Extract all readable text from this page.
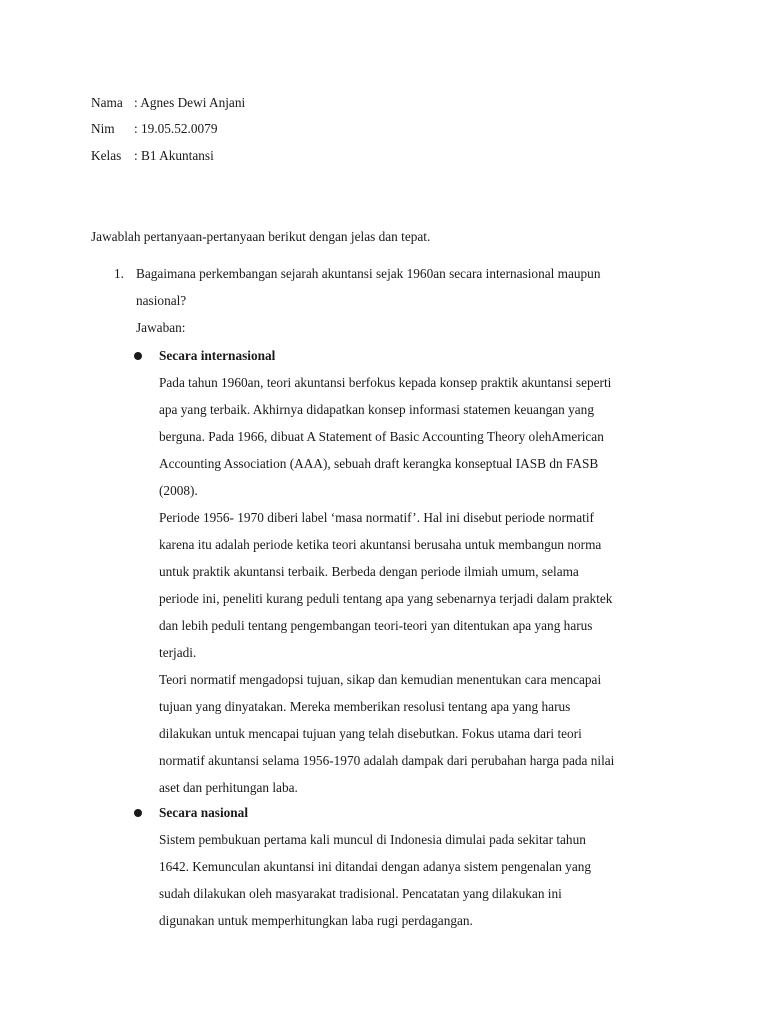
Nama : Agnes Dewi Anjani
Nim : 19.05.52.0079
Kelas : B1 Akuntansi
Jawablah pertanyaan-pertanyaan berikut dengan jelas dan tepat.
1. Bagaimana perkembangan sejarah akuntansi sejak 1960an secara internasional maupun
nasional?
Jawaban:
Secara internasional
Pada tahun 1960an, teori akuntansi berfokus kepada konsep praktik akuntansi seperti
apa yang terbaik. Akhirnya didapatkan konsep informasi statemen keuangan yang
berguna. Pada 1966, dibuat A Statement of Basic Accounting Theory olehAmerican
Accounting Association (AAA), sebuah draft kerangka konseptual IASB dn FASB
(2008).
Periode 1956- 1970 diberi label ‘masa normatif’. Hal ini disebut periode normatif
karena itu adalah periode ketika teori akuntansi berusaha untuk membangun norma
untuk praktik akuntansi terbaik. Berbeda dengan periode ilmiah umum, selama
periode ini, peneliti kurang peduli tentang apa yang sebenarnya terjadi dalam praktek
dan lebih peduli tentang pengembangan teori-teori yan ditentukan apa yang harus
terjadi.
Teori normatif mengadopsi tujuan, sikap dan kemudian menentukan cara mencapai
tujuan yang dinyatakan. Mereka memberikan resolusi tentang apa yang harus
dilakukan untuk mencapai tujuan yang telah disebutkan. Fokus utama dari teori
normatif akuntansi selama 1956-1970 adalah dampak dari perubahan harga pada nilai
aset dan perhitungan laba.
Secara nasional
Sistem pembukuan pertama kali muncul di Indonesia dimulai pada sekitar tahun
1642. Kemunculan akuntansi ini ditandai dengan adanya sistem pengenalan yang
sudah dilakukan oleh masyarakat tradisional. Pencatatan yang dilakukan ini
digunakan untuk memperhitungkan laba rugi perdagangan.
